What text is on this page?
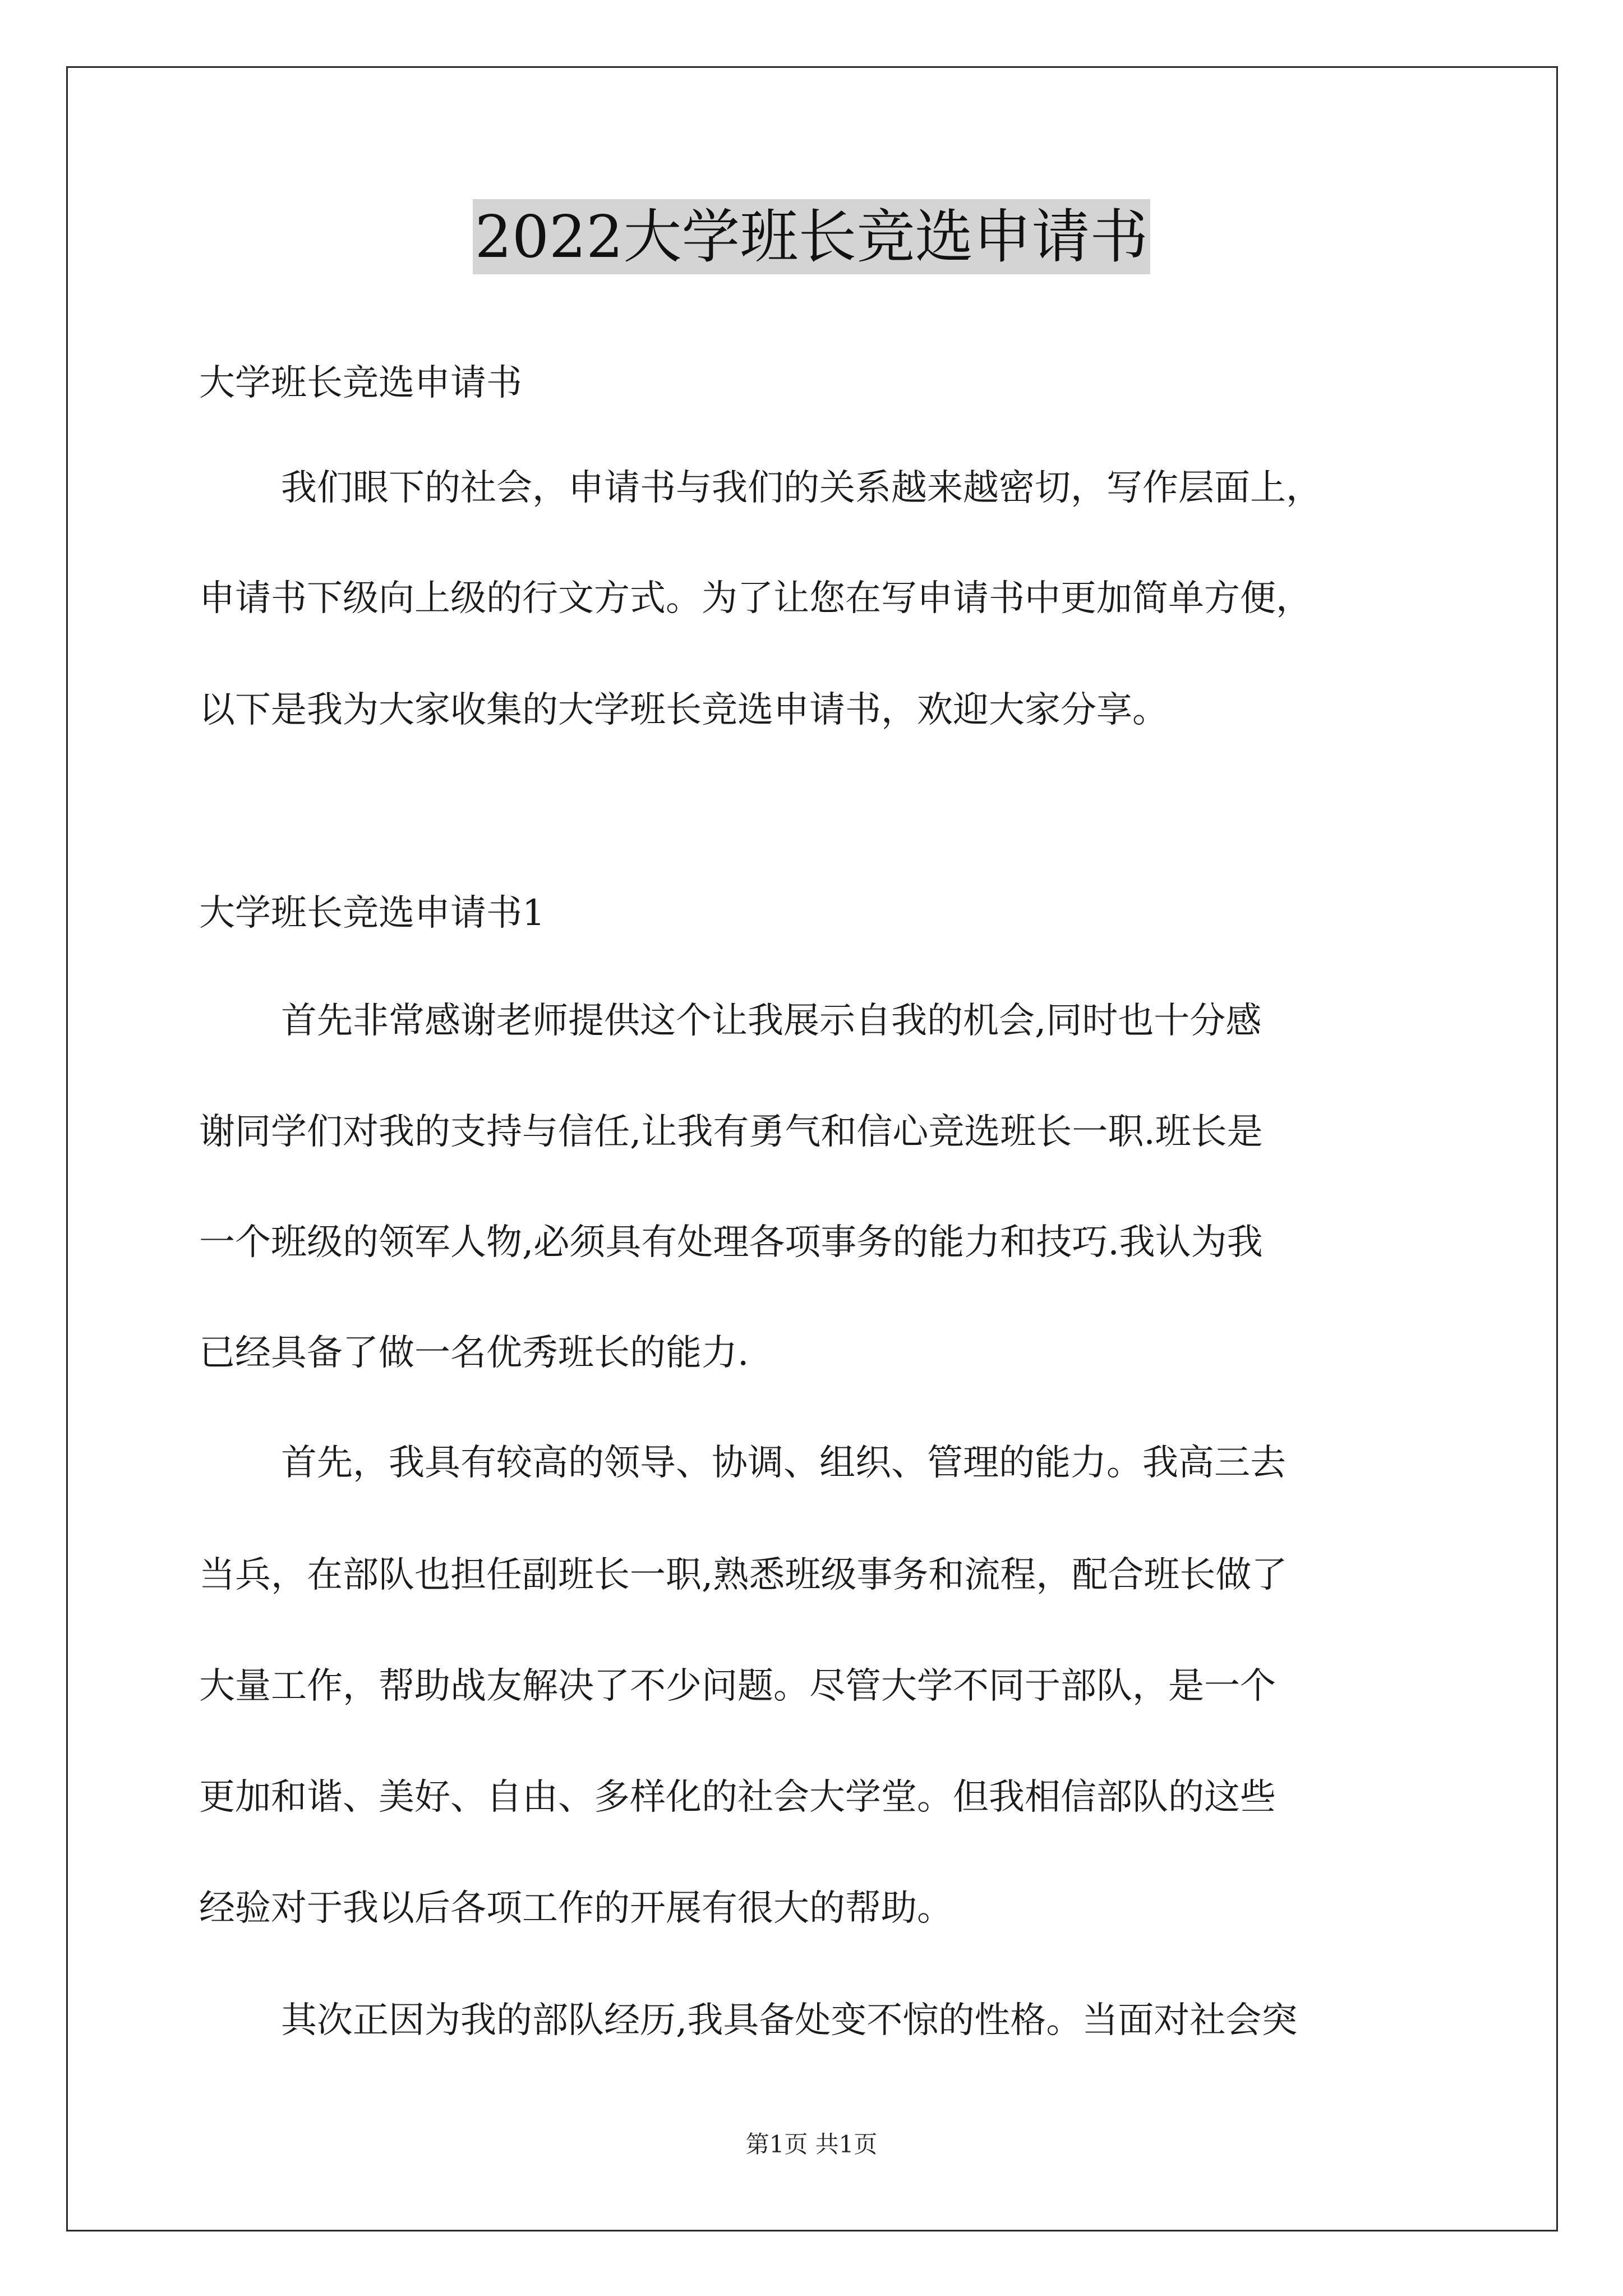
2022大学班长竞选申请书

大学班长竞选申请书

我们眼下的社会，申请书与我们的关系越来越密切，写作层面上，

申请书下级向上级的行文方式。为了让您在写申请书中更加简单方便，

以下是我为大家收集的大学班长竞选申请书，欢迎大家分享。

大学班长竞选申请书1

首先非常感谢老师提供这个让我展示自我的机会,同时也十分感

谢同学们对我的支持与信任,让我有勇气和信心竞选班长一职.班长是

一个班级的领军人物,必须具有处理各项事务的能力和技巧.我认为我

已经具备了做一名优秀班长的能力.

首先，我具有较高的领导、协调、组织、管理的能力。我高三去

当兵，在部队也担任副班长一职,熟悉班级事务和流程，配合班长做了

大量工作，帮助战友解决了不少问题。尽管大学不同于部队，是一个

更加和谐、美好、自由、多样化的社会大学堂。但我相信部队的这些

经验对于我以后各项工作的开展有很大的帮助。

其次正因为我的部队经历,我具备处变不惊的性格。当面对社会突

第1页 共1页
